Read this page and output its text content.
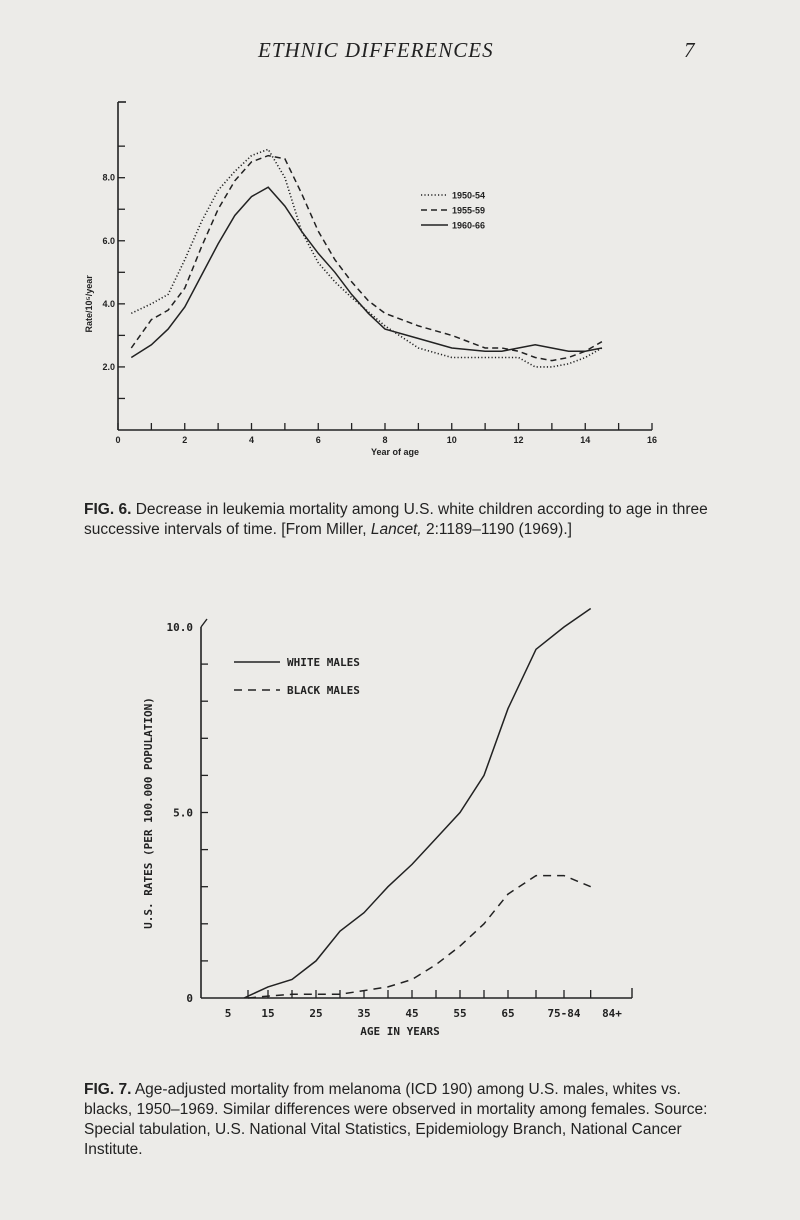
ETHNIC DIFFERENCES	7
2.0
4.0
6.0
8.0
0	2	4	6	8	10	12	14	16
Year of age
Rate/10⁵/year
1950-54
1955-59
1960-66
FIG. 6. Decrease in leukemia mortality among U.S. white children according to age in three successive intervals of time. [From Miller, Lancet, 2:1189–1190 (1969).]
0
5.0
10.0
5	15	25	35	45	55	65	75-84 84+
AGE IN YEARS
U.S. RATES (PER 100.000 POPULATION)
WHITE MALES
BLACK MALES
FIG. 7. Age-adjusted mortality from melanoma (ICD 190) among U.S. males, whites vs. blacks, 1950–1969. Similar differences were observed in mortality among females. Source: Special tabulation, U.S. National Vital Statistics, Epidemiology Branch, National Cancer Institute.
